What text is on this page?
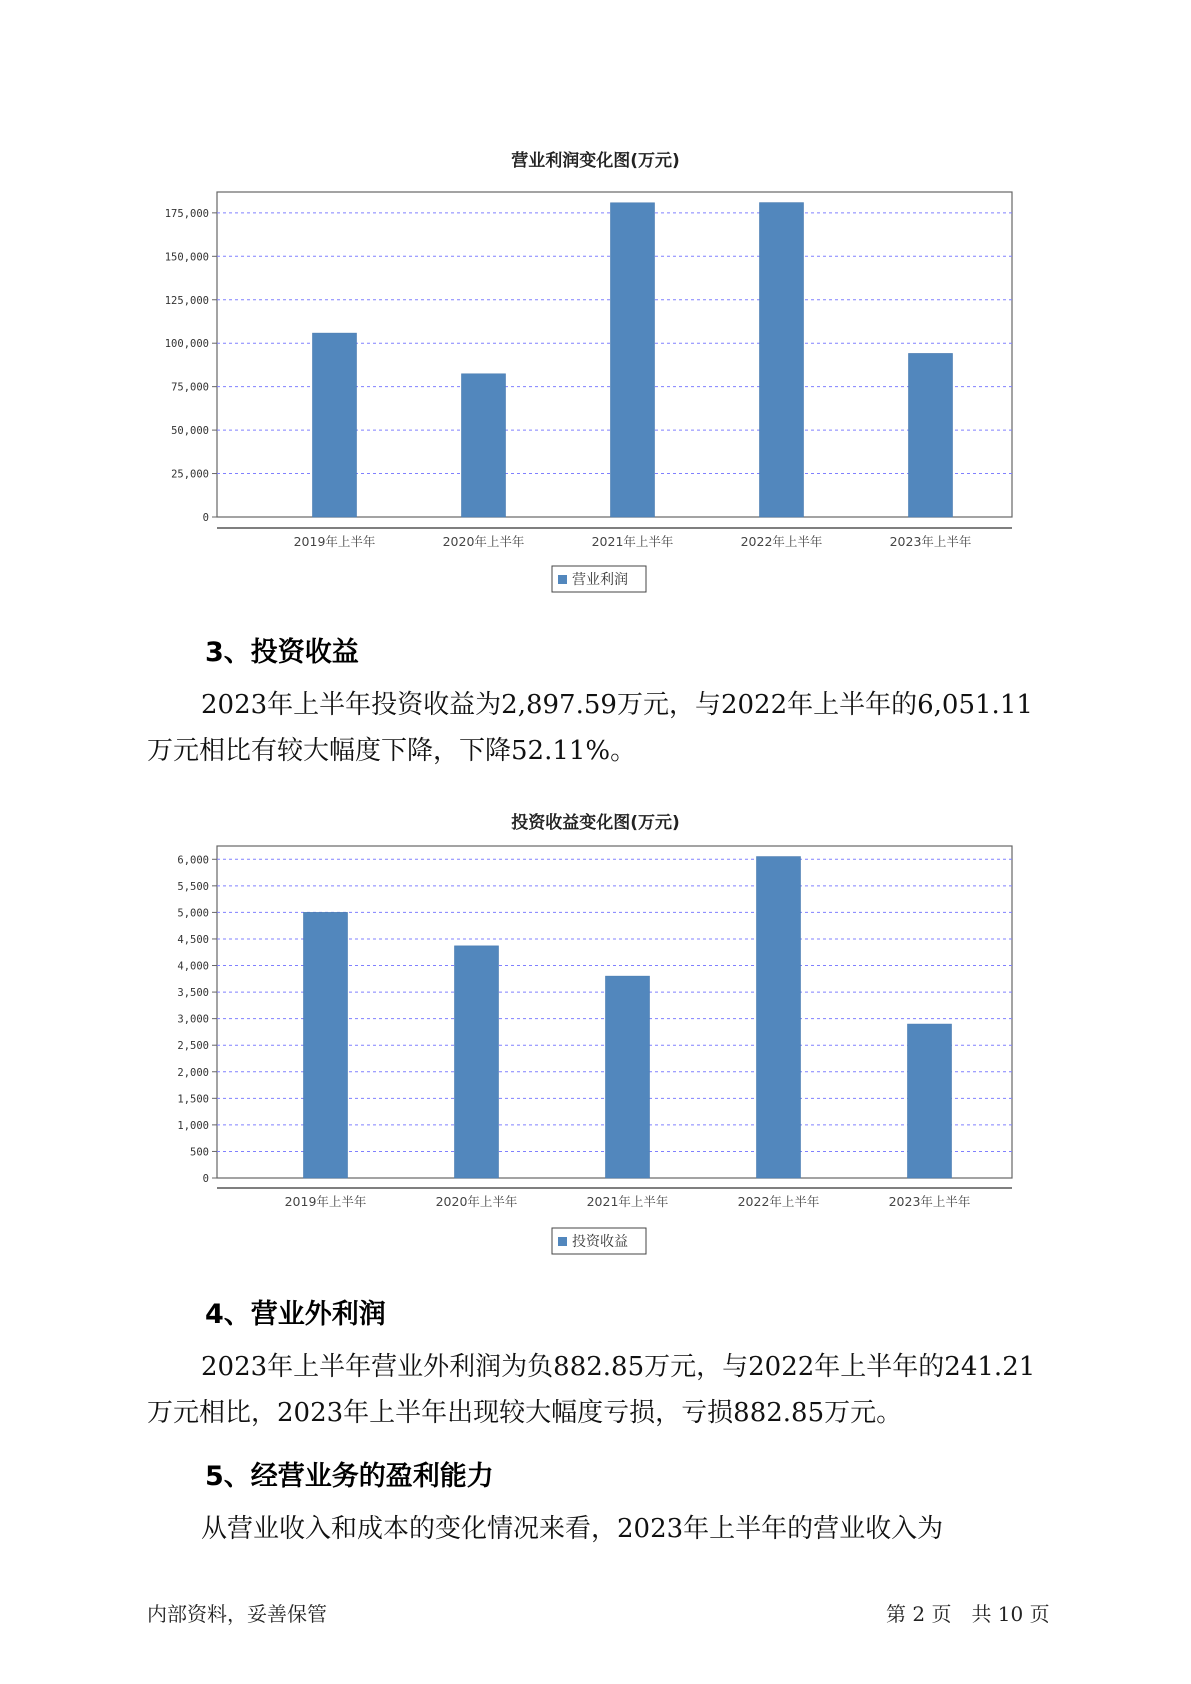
营业利润变化图(万元)
0
25,000
50,000
75,000
100,000
125,000
150,000
175,000
2019年上半年	2020年上半年	2021年上半年	2022年上半年	2023年上半年
营业利润
3、投资收益
2023年上半年投资收益为2,897.59万元，与2022年上半年的6,051.11
万元相比有较大幅度下降，下降52.11%。
投资收益变化图(万元)
0
500
1,000
1,500
2,000
2,500
3,000
3,500
4,000
4,500
5,000
5,500
6,000
2019年上半年	2020年上半年	2021年上半年	2022年上半年	2023年上半年
投资收益
4、营业外利润
2023年上半年营业外利润为负882.85万元，与2022年上半年的241.21
万元相比，2023年上半年出现较大幅度亏损，亏损882.85万元。
5、经营业务的盈利能力
从营业收入和成本的变化情况来看，2023年上半年的营业收入为
内部资料，妥善保管	第 2 页　共 10 页
